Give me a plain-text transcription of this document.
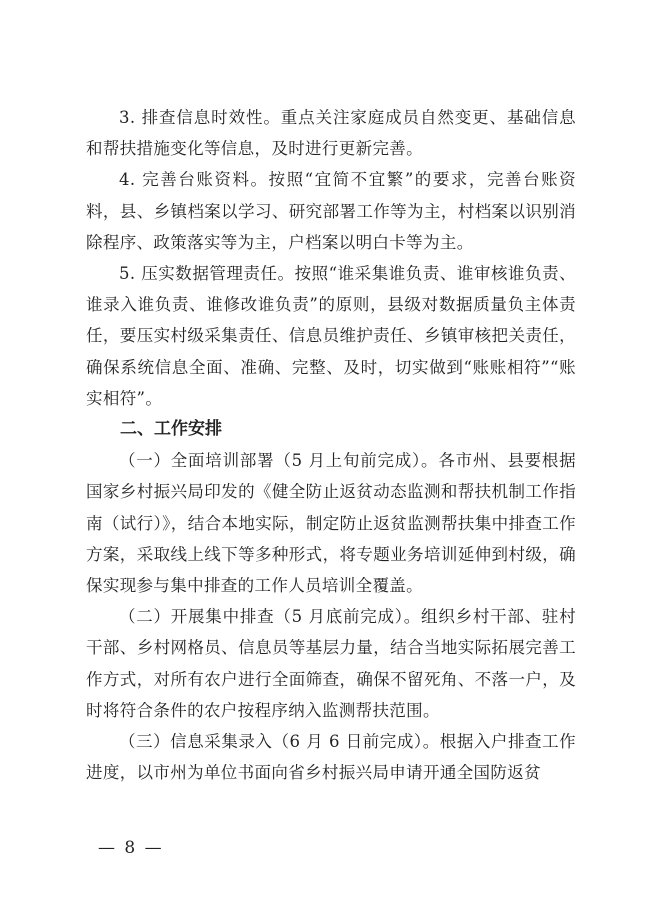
3. 排查信息时效性。重点关注家庭成员自然变更、基础信息和帮扶措施变化等信息，及时进行更新完善。

4. 完善台账资料。按照“宜简不宜繁”的要求，完善台账资料，县、乡镇档案以学习、研究部署工作等为主，村档案以识别消除程序、政策落实等为主，户档案以明白卡等为主。

5. 压实数据管理责任。按照“谁采集谁负责、谁审核谁负责、谁录入谁负责、谁修改谁负责”的原则，县级对数据质量负主体责任，要压实村级采集责任、信息员维护责任、乡镇审核把关责任，确保系统信息全面、准确、完整、及时，切实做到“账账相符”“账实相符”。

二、工作安排

（一）全面培训部署（5 月上旬前完成）。各市州、县要根据国家乡村振兴局印发的《健全防止返贫动态监测和帮扶机制工作指南（试行）》，结合本地实际，制定防止返贫监测帮扶集中排查工作方案，采取线上线下等多种形式，将专题业务培训延伸到村级，确保实现参与集中排查的工作人员培训全覆盖。

（二）开展集中排查（5 月底前完成）。组织乡村干部、驻村干部、乡村网格员、信息员等基层力量，结合当地实际拓展完善工作方式，对所有农户进行全面筛查，确保不留死角、不落一户，及时将符合条件的农户按程序纳入监测帮扶范围。

（三）信息采集录入（6 月 6 日前完成）。根据入户排查工作进度，以市州为单位书面向省乡村振兴局申请开通全国防返贫

— 8 —
